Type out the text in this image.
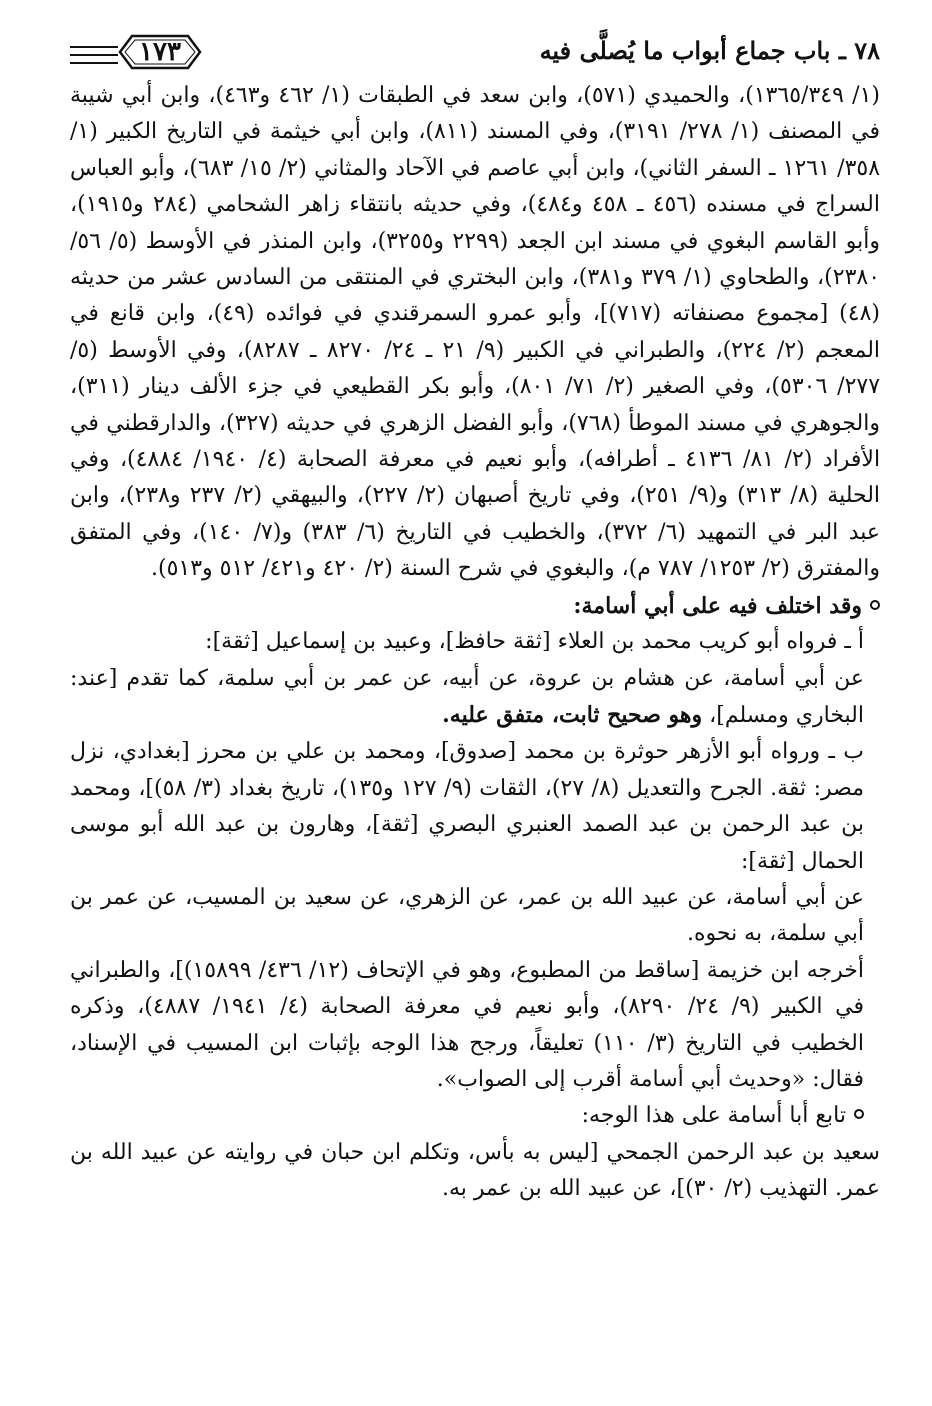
٧٨ ـ باب جماع أبواب ما يُصلَّى فيه
١٧٣

(١/ ١٣٦٥/٣٤٩)، والحميدي (٥٧١)، وابن سعد في الطبقات (١/ ٤٦٢ و٤٦٣)، وابن أبي شيبة في المصنف (١/ ٢٧٨/ ٣١٩١)، وفي المسند (٨١١)، وابن أبي خيثمة في التاريخ الكبير (١/ ٣٥٨/ ١٢٦١ ـ السفر الثاني)، وابن أبي عاصم في الآحاد والمثاني (٢/ ١٥/ ٦٨٣)، وأبو العباس السراج في مسنده (٤٥٦ ـ ٤٥٨ و٤٨٤)، وفي حديثه بانتقاء زاهر الشحامي (٢٨٤ و١٩١٥)، وأبو القاسم البغوي في مسند ابن الجعد (٢٢٩٩ و٣٢٥٥)، وابن المنذر في الأوسط (٥/ ٥٦/ ٢٣٨٠)، والطحاوي (١/ ٣٧٩ و٣٨١)، وابن البختري في المنتقى من السادس عشر من حديثه (٤٨) [مجموع مصنفاته (٧١٧)]، وأبو عمرو السمرقندي في فوائده (٤٩)، وابن قانع في المعجم (٢/ ٢٢٤)، والطبراني في الكبير (٩/ ٢١ ـ ٢٤/ ٨٢٧٠ ـ ٨٢٨٧)، وفي الأوسط (٥/ ٢٧٧/ ٥٣٠٦)، وفي الصغير (٢/ ٧١/ ٨٠١)، وأبو بكر القطيعي في جزء الألف دينار (٣١١)، والجوهري في مسند الموطأ (٧٦٨)، وأبو الفضل الزهري في حديثه (٣٢٧)، والدارقطني في الأفراد (٢/ ٨١/ ٤١٣٦ ـ أطرافه)، وأبو نعيم في معرفة الصحابة (٤/ ١٩٤٠/ ٤٨٨٤)، وفي الحلية (٨/ ٣١٣) و(٩/ ٢٥١)، وفي تاريخ أصبهان (٢/ ٢٢٧)، والبيهقي (٢/ ٢٣٧ و٢٣٨)، وابن عبد البر في التمهيد (٦/ ٣٧٢)، والخطيب في التاريخ (٦/ ٣٨٣) و(٧/ ١٤٠)، وفي المتفق والمفترق (٢/ ١٢٥٣/ ٧٨٧ م)، والبغوي في شرح السنة (٢/ ٤٢٠ و٤٢١/ ٥١٢ و٥١٣).

وقد اختلف فيه على أبي أسامة:

أ ـ فرواه أبو كريب محمد بن العلاء [ثقة حافظ]، وعبيد بن إسماعيل [ثقة]:

عن أبي أسامة، عن هشام بن عروة، عن أبيه، عن عمر بن أبي سلمة، كما تقدم [عند: البخاري ومسلم]، وهو صحيح ثابت، متفق عليه.

ب ـ ورواه أبو الأزهر حوثرة بن محمد [صدوق]، ومحمد بن علي بن محرز [بغدادي، نزل مصر: ثقة. الجرح والتعديل (٨/ ٢٧)، الثقات (٩/ ١٢٧ و١٣٥)، تاريخ بغداد (٣/ ٥٨)]، ومحمد بن عبد الرحمن بن عبد الصمد العنبري البصري [ثقة]، وهارون بن عبد الله أبو موسى الحمال [ثقة]:

عن أبي أسامة، عن عبيد الله بن عمر، عن الزهري، عن سعيد بن المسيب، عن عمر بن أبي سلمة، به نحوه.

أخرجه ابن خزيمة [ساقط من المطبوع، وهو في الإتحاف (١٢/ ٤٣٦/ ١٥٨٩٩)]، والطبراني في الكبير (٩/ ٢٤/ ٨٢٩٠)، وأبو نعيم في معرفة الصحابة (٤/ ١٩٤١/ ٤٨٨٧)، وذكره الخطيب في التاريخ (٣/ ١١٠) تعليقاً، ورجح هذا الوجه بإثبات ابن المسيب في الإسناد، فقال: «وحديث أبي أسامة أقرب إلى الصواب».

تابع أبا أسامة على هذا الوجه:

سعيد بن عبد الرحمن الجمحي [ليس به بأس، وتكلم ابن حبان في روايته عن عبيد الله بن عمر. التهذيب (٢/ ٣٠)]، عن عبيد الله بن عمر به.
